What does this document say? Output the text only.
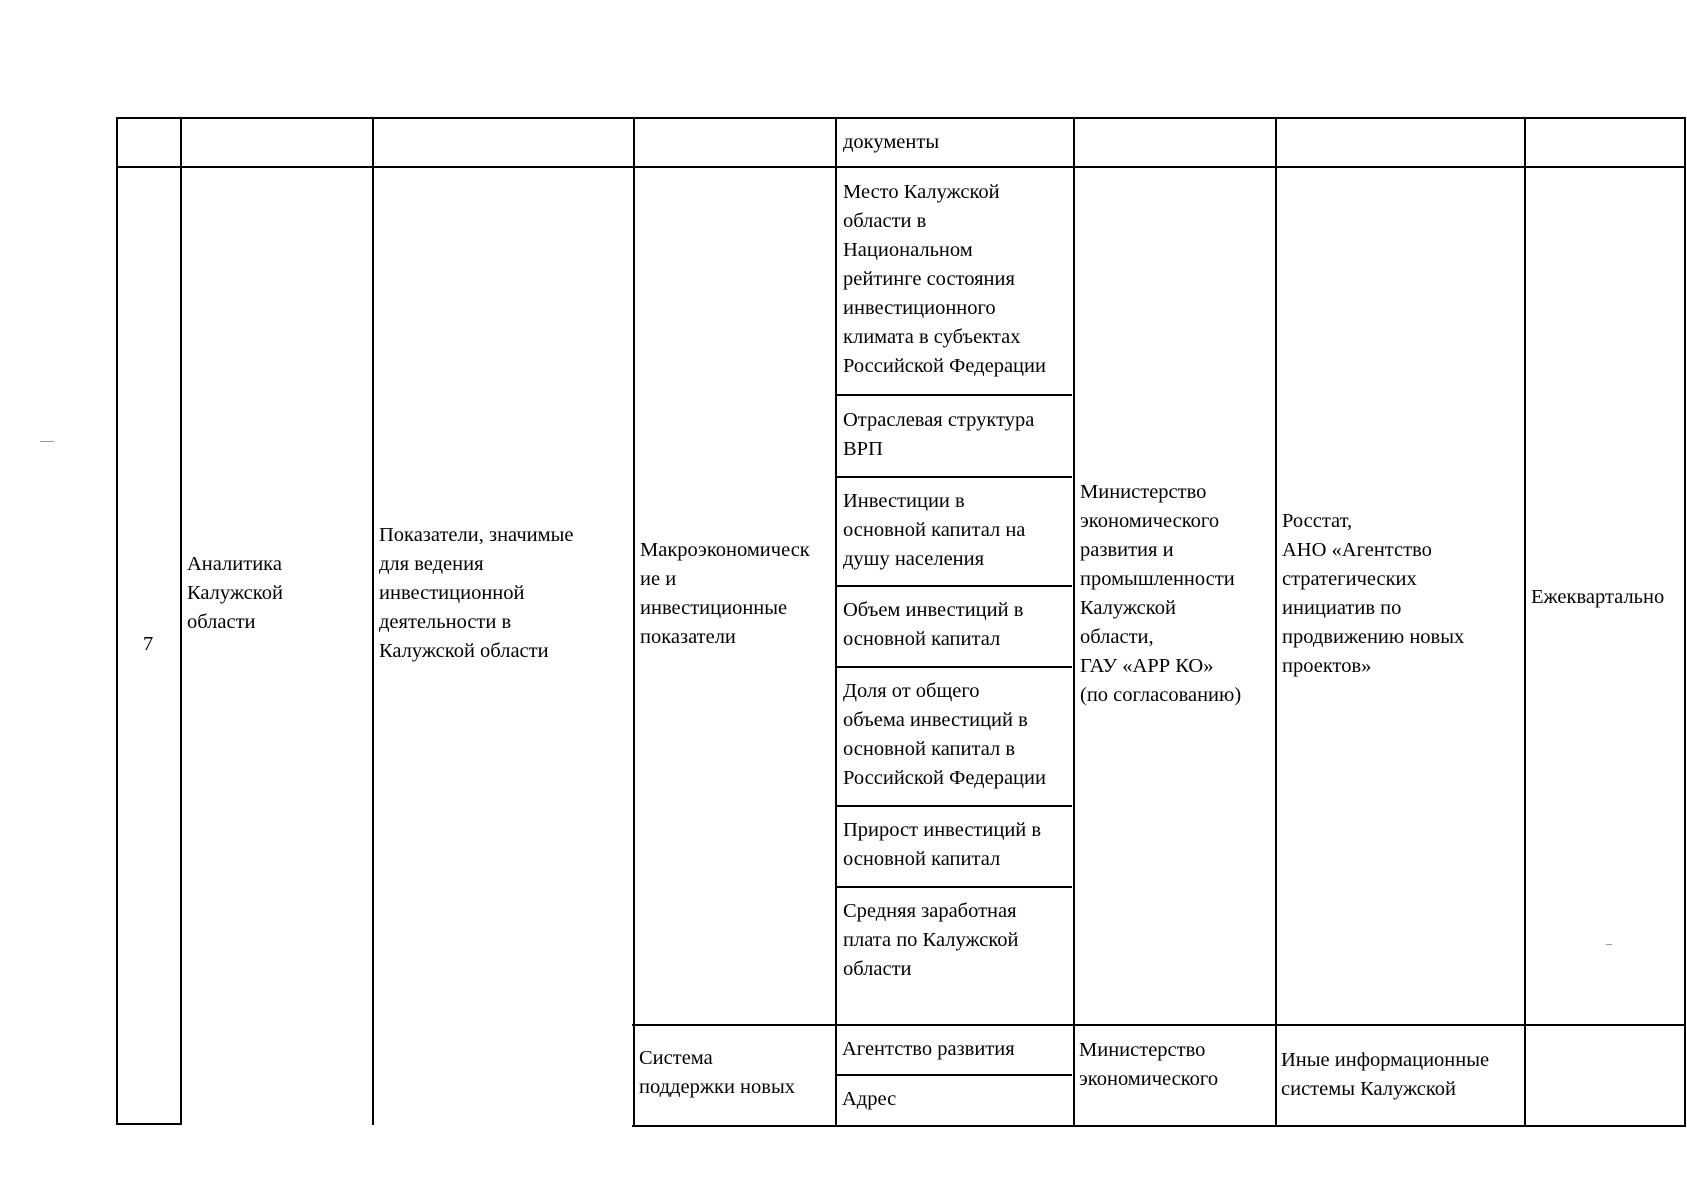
документы
7
Аналитика
Калужской
области
Показатели, значимые
для ведения
инвестиционной
деятельности в
Калужской области
Макроэкономическ
ие и
инвестиционные
показатели
Место Калужской
области в
Национальном
рейтинге состояния
инвестиционного
климата в субъектах
Российской Федерации
Отраслевая структура
ВРП
Инвестиции в
основной капитал на
душу населения
Объем инвестиций в
основной капитал
Доля от общего
объема инвестиций в
основной капитал в
Российской Федерации
Прирост инвестиций в
основной капитал
Средняя заработная
плата по Калужской
области
Министерство
экономического
развития и
промышленности
Калужской
области,
ГАУ «АРР КО»
(по согласованию)
Росстат,
АНО «Агентство
стратегических
инициатив по
продвижению новых
проектов»
Ежеквартально
Система
поддержки новых
Агентство развития
Адрес
Министерство
экономического
Иные информационные
системы Калужской
